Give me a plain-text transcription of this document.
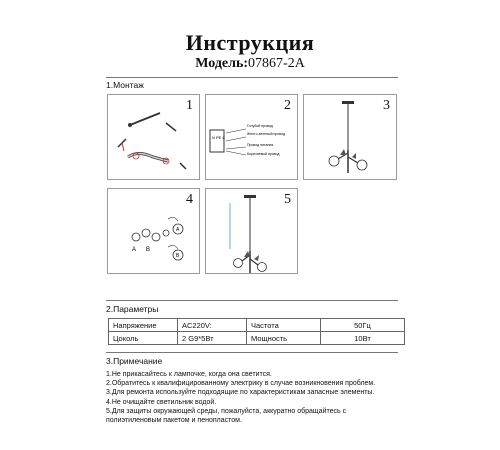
Инструкция
Модель:07867-2A
1.Монтаж
1	2
N PE L
Голубой провод
Желто-зеленый провод
Провод питания
Коричневый провод
3
4
A B
A
B
5
2.Параметры
Напряжение	AC220V:	Частота	50Гц
Цоколь	2 G9*5Вт	Мощность	10Вт
3.Примечание
1.Не прикасайтесь к лампочке, когда она светится.
2.Обратитесь к квалифицированному электрику в случае возникновения проблем.
3.Для ремонта используйте подходящие по характеристикам запасные элементы.
4.Не очищайте светильник водой.
5.Для защиты окружающей среды, пожалуйста, аккуратно обращайтесь с
полиэтиленовым пакетом и пенопластом.
